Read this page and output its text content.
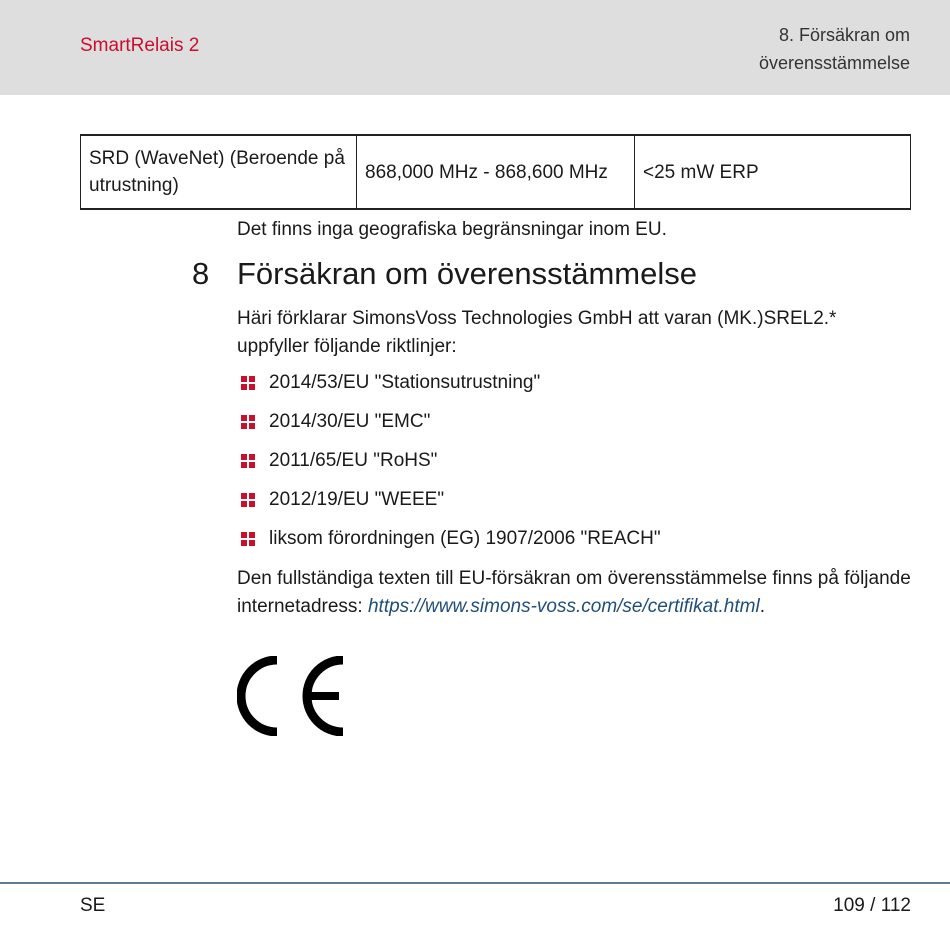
SmartRelais 2	8. Försäkran om
överensstämmelse
SRD (WaveNet) (Beroende på utrustning)	868,000 MHz - 868,600 MHz	<25 mW ERP
Det finns inga geografiska begränsningar inom EU.
8 Försäkran om överensstämmelse
Häri förklarar SimonsVoss Technologies GmbH att varan (MK.)SREL2.* uppfyller följande riktlinjer:
2014/53/EU "Stationsutrustning"
2014/30/EU "EMC"
2011/65/EU "RoHS"
2012/19/EU "WEEE"
liksom förordningen (EG) 1907/2006 "REACH"
Den fullständiga texten till EU-försäkran om överensstämmelse finns på följande internetadress: https://www.simons-voss.com/se/certifikat.html.
SE	109 / 112
